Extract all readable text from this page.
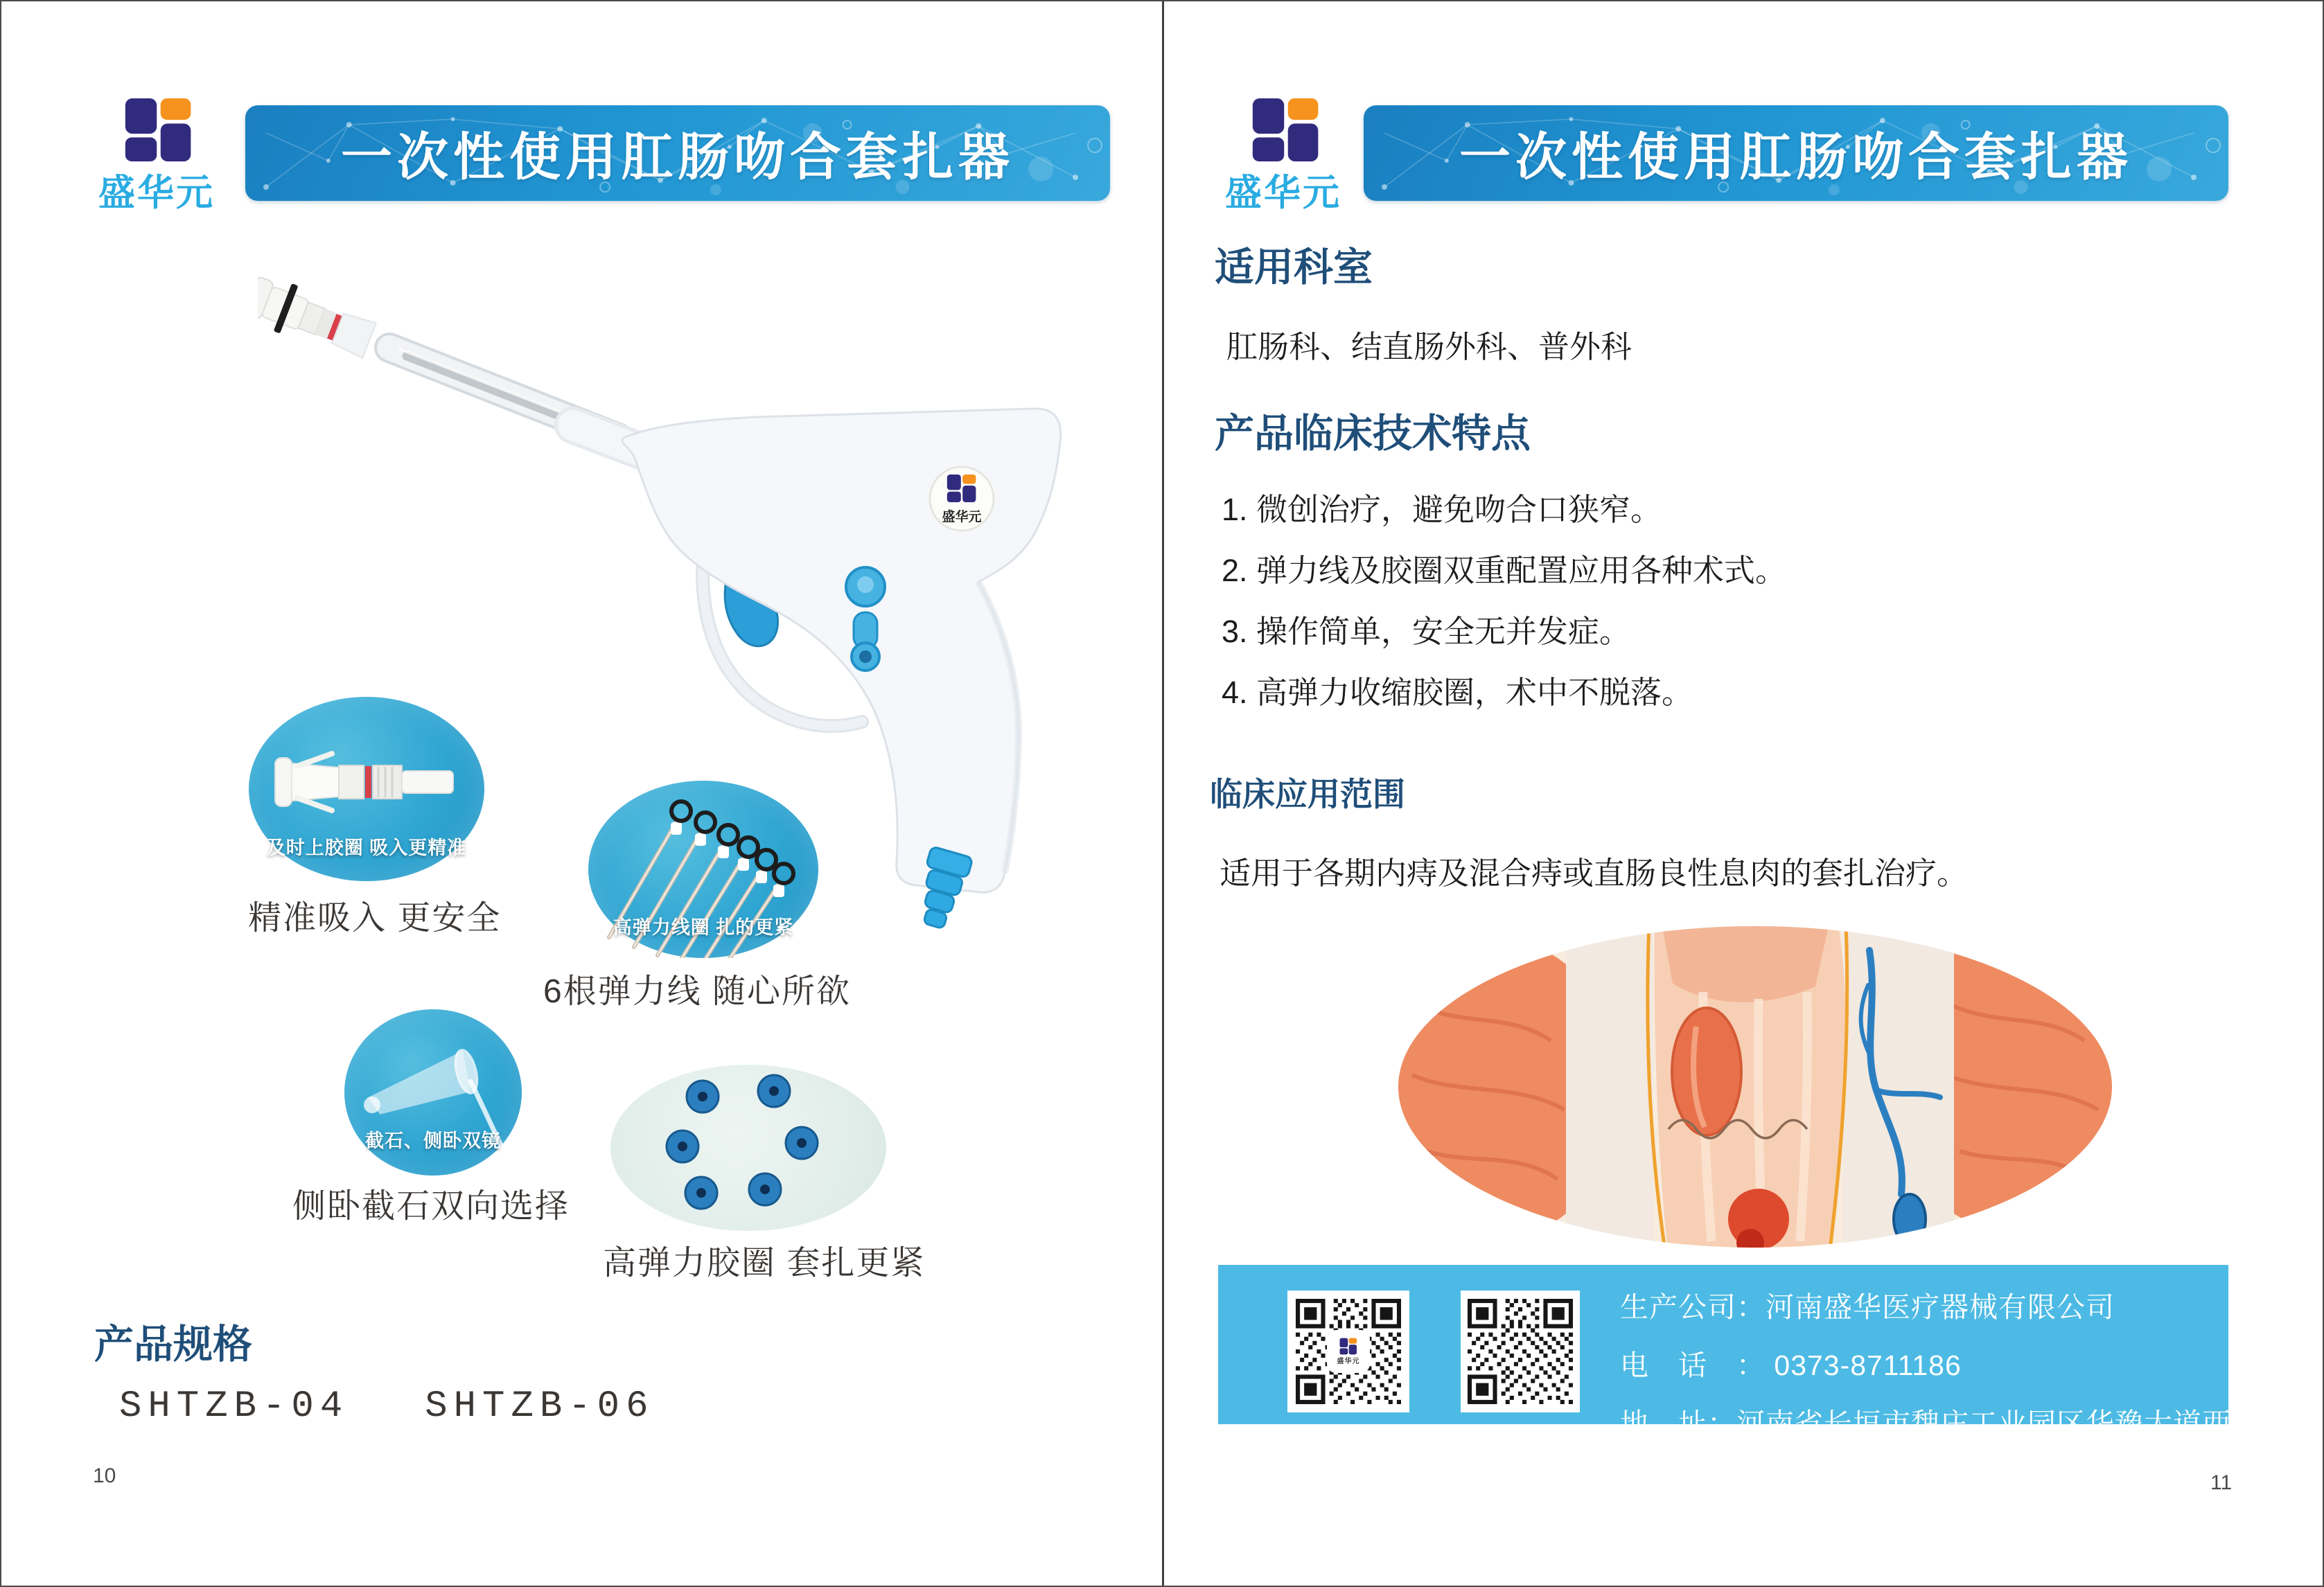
盛华元
一次性使用肛肠吻合套扎器
盛华元
及时上胶圈 吸入更精准
精准吸入 更安全	高弹力线圈 扎的更紧
6根弹力线 随心所欲
截石、侧卧双镜
侧卧截石双向选择
高弹力胶圈 套扎更紧
产品规格
SHTZB-04 SHTZB-06
10
盛华元
一次性使用肛肠吻合套扎器
适用科室
肛肠科、结直肠外科、普外科
产品临床技术特点
1. 微创治疗，避免吻合口狭窄。
2. 弹力线及胶圈双重配置应用各种术式。
3. 操作简单，安全无并发症。
4. 高弹力收缩胶圈，术中不脱落。
临床应用范围
适用于各期内痔及混合痔或直肠良性息肉的套扎治疗。
盛华元
生产公司：河南盛华医疗器械有限公司
电　话　： 0373-8711186
地　址：河南省长垣市魏庄工业园区华豫大道西侧
11
